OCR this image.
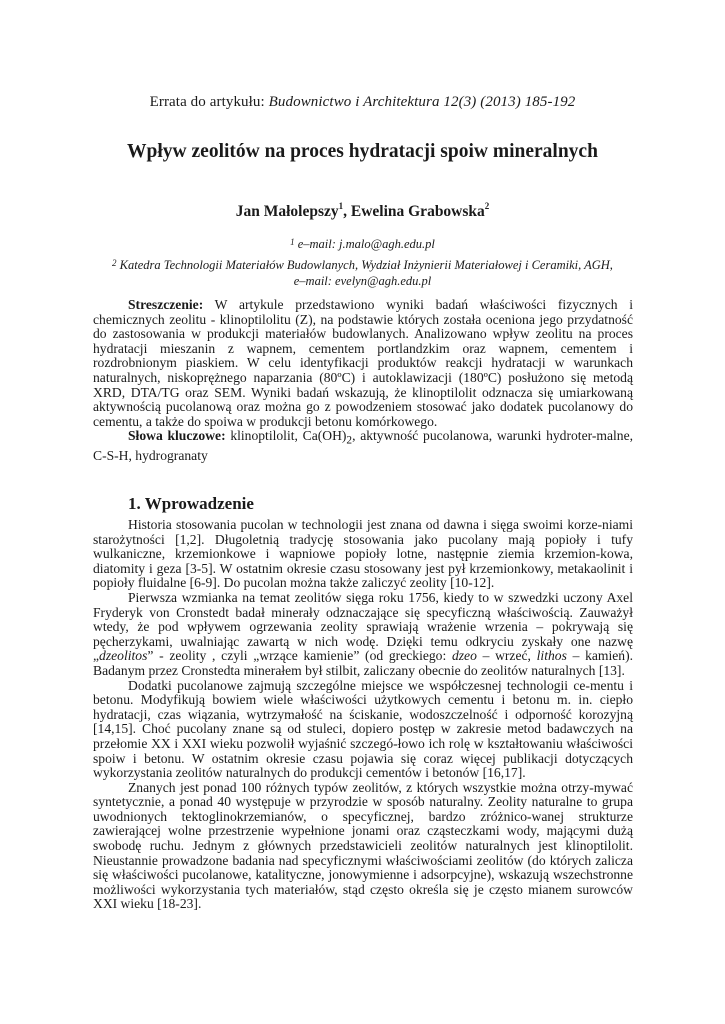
Errata do artykułu: Budownictwo i Architektura 12(3) (2013) 185-192
Wpływ zeolitów na proces hydratacji spoiw mineralnych
Jan Małolepszy$^1$, Ewelina Grabowska$^2$
$^1$ e–mail: j.malo@agh.edu.pl
$^2$ Katedra Technologii Materiałów Budowlanych, Wydział Inżynierii Materiałowej i Ceramiki, AGH,
e–mail: evelyn@agh.edu.pl

Streszczenie: W artykule przedstawiono wyniki badań właściwości fizycznych i chemicznych zeolitu - klinoptilolitu (Z), na podstawie których została oceniona jego przydatność do zastosowania w produkcji materiałów budowlanych. Analizowano wpływ zeolitu na proces hydratacji mieszanin z wapnem, cementem portlandzkim oraz wapnem, cementem i rozdrobnionym piaskiem. W celu identyfikacji produktów reakcji hydratacji w warunkach naturalnych, niskoprężnego naparzania (80ºC) i autoklawizacji (180ºC) posłużono się metodą XRD, DTA/TG oraz SEM. Wyniki badań wskazują, że klinoptilolit odznacza się umiarkowaną aktywnością pucolanową oraz można go z powodzeniem stosować jako dodatek pucolanowy do cementu, a także do spoiwa w produkcji betonu komórkowego.

Słowa kluczowe: klinoptilolit, $Ca(OH)_2$, aktywność pucolanowa, warunki hydroter-malne, C-S-H, hydrogranaty

1. Wprowadzenie

Historia stosowania pucolan w technologii jest znana od dawna i sięga swoimi korze-niami starożytności [1,2]. Długoletnią tradycję stosowania jako pucolany mają popioły i tufy wulkaniczne, krzemionkowe i wapniowe popioły lotne, następnie ziemia krzemion-kowa, diatomity i geza [3-5]. W ostatnim okresie czasu stosowany jest pył krzemionkowy, metakaolinit i popioły fluidalne [6-9]. Do pucolan można także zaliczyć zeolity [10-12].

Pierwsza wzmianka na temat zeolitów sięga roku 1756, kiedy to w szwedzki uczony Axel Fryderyk von Cronstedt badał minerały odznaczające się specyficzną właściwością. Zauważył wtedy, że pod wpływem ogrzewania zeolity sprawiają wrażenie wrzenia – pokrywają się pęcherzykami, uwalniając zawartą w nich wodę. Dzięki temu odkryciu zyskały one nazwę „dzeolitos” - zeolity , czyli „wrzące kamienie” (od greckiego: dzeo – wrzeć, lithos – kamień). Badanym przez Cronstedta minerałem był stilbit, zaliczany obecnie do zeolitów naturalnych [13].

Dodatki pucolanowe zajmują szczególne miejsce we współczesnej technologii ce-mentu i betonu. Modyfikują bowiem wiele właściwości użytkowych cementu i betonu m. in. ciepło hydratacji, czas wiązania, wytrzymałość na ściskanie, wodoszczelność i odporność korozyjną [14,15]. Choć pucolany znane są od stuleci, dopiero postęp w zakresie metod badawczych na przełomie XX i XXI wieku pozwolił wyjaśnić szczegó-łowo ich rolę w kształtowaniu właściwości spoiw i betonu. W ostatnim okresie czasu pojawia się coraz więcej publikacji dotyczących wykorzystania zeolitów naturalnych do produkcji cementów i betonów [16,17].

Znanych jest ponad 100 różnych typów zeolitów, z których wszystkie można otrzy-mywać syntetycznie, a ponad 40 występuje w przyrodzie w sposób naturalny. Zeolity naturalne to grupa uwodnionych tektoglinokrzemianów, o specyficznej, bardzo zróżnico-wanej strukturze zawierającej wolne przestrzenie wypełnione jonami oraz cząsteczkami wody, mającymi dużą swobodę ruchu. Jednym z głównych przedstawicieli zeolitów naturalnych jest klinoptilolit. Nieustannie prowadzone badania nad specyficznymi właściwościami zeolitów (do których zalicza się właściwości pucolanowe, katalityczne, jonowymienne i adsorpcyjne), wskazują wszechstronne możliwości wykorzystania tych materiałów, stąd często określa się je często mianem surowców XXI wieku [18-23].
